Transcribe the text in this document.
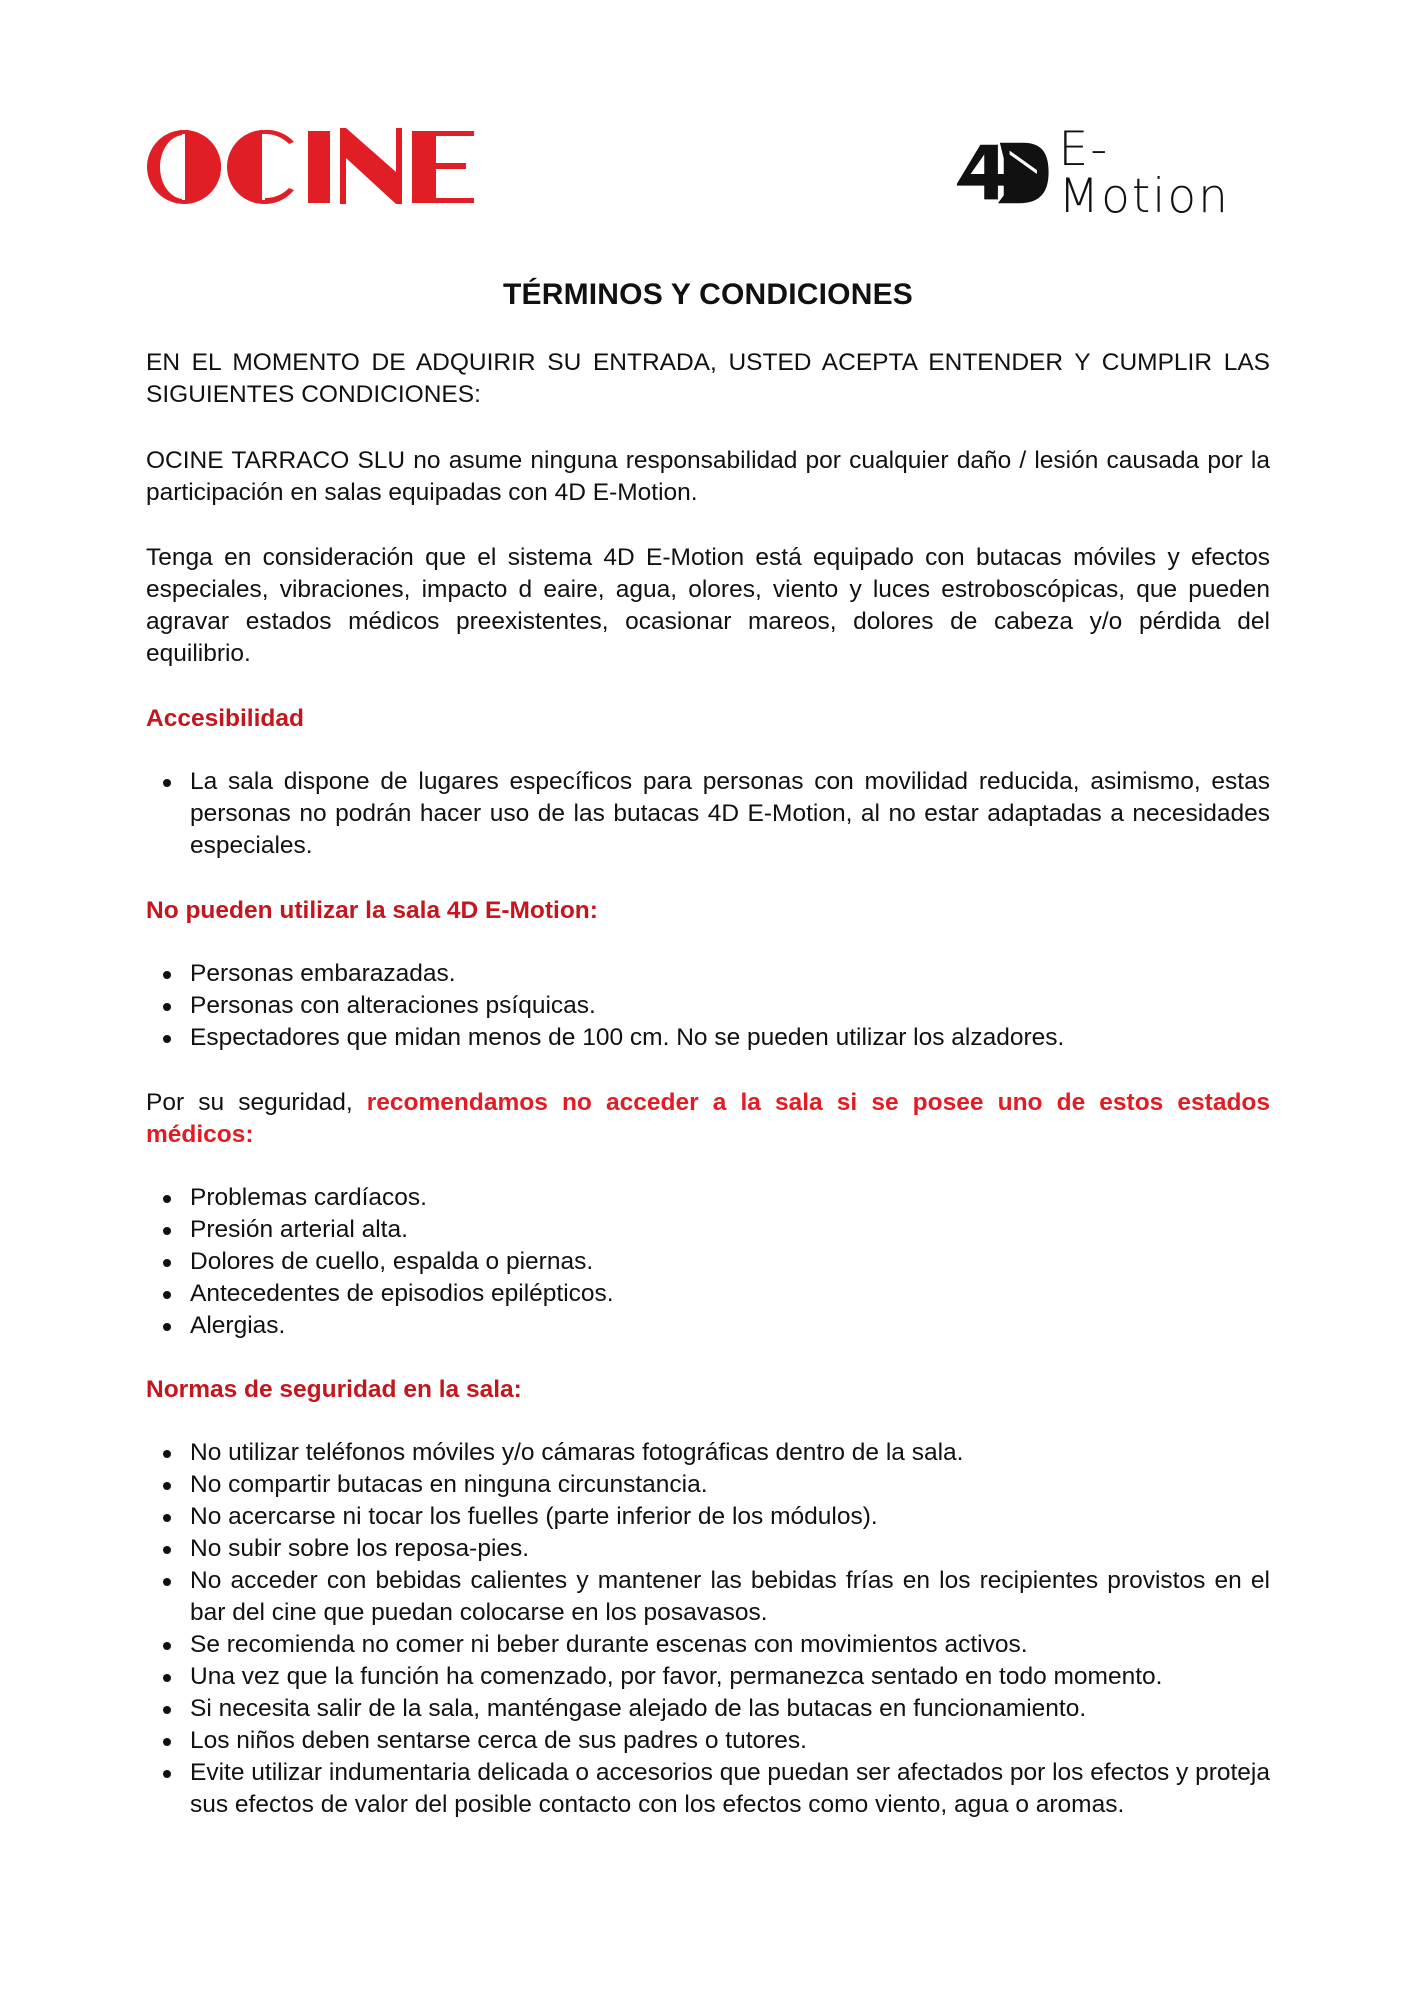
E-Motion
TÉRMINOS Y CONDICIONES

EN EL MOMENTO DE ADQUIRIR SU ENTRADA, USTED ACEPTA ENTENDER Y CUMPLIR LAS SIGUIENTES CONDICIONES:

OCINE TARRACO SLU no asume ninguna responsabilidad por cualquier daño / lesión causada por la participación en salas equipadas con 4D E-Motion.

Tenga en consideración que el sistema 4D E-Motion está equipado con butacas móviles y efectos especiales, vibraciones, impacto d eaire, agua, olores, viento y luces estroboscópicas, que pueden agravar estados médicos preexistentes, ocasionar mareos, dolores de cabeza y/o pérdida del equilibrio.

Accesibilidad
La sala dispone de lugares específicos para personas con movilidad reducida, asimismo, estas personas no podrán hacer uso de las butacas 4D E-Motion, al no estar adaptadas a necesidades especiales.
No pueden utilizar la sala 4D E-Motion:
Personas embarazadas.
Personas con alteraciones psíquicas.
Espectadores que midan menos de 100 cm. No se pueden utilizar los alzadores.

Por su seguridad, recomendamos no acceder a la sala si se posee uno de estos estados médicos:

Problemas cardíacos.
Presión arterial alta.
Dolores de cuello, espalda o piernas.
Antecedentes de episodios epilépticos.
Alergias.
Normas de seguridad en la sala:
No utilizar teléfonos móviles y/o cámaras fotográficas dentro de la sala.
No compartir butacas en ninguna circunstancia.
No acercarse ni tocar los fuelles (parte inferior de los módulos).
No subir sobre los reposa-pies.
No acceder con bebidas calientes y mantener las bebidas frías en los recipientes provistos en el bar del cine que puedan colocarse en los posavasos.
Se recomienda no comer ni beber durante escenas con movimientos activos.
Una vez que la función ha comenzado, por favor, permanezca sentado en todo momento.
Si necesita salir de la sala, manténgase alejado de las butacas en funcionamiento.
Los niños deben sentarse cerca de sus padres o tutores.
Evite utilizar indumentaria delicada o accesorios que puedan ser afectados por los efectos y proteja sus efectos de valor del posible contacto con los efectos como viento, agua o aromas.
